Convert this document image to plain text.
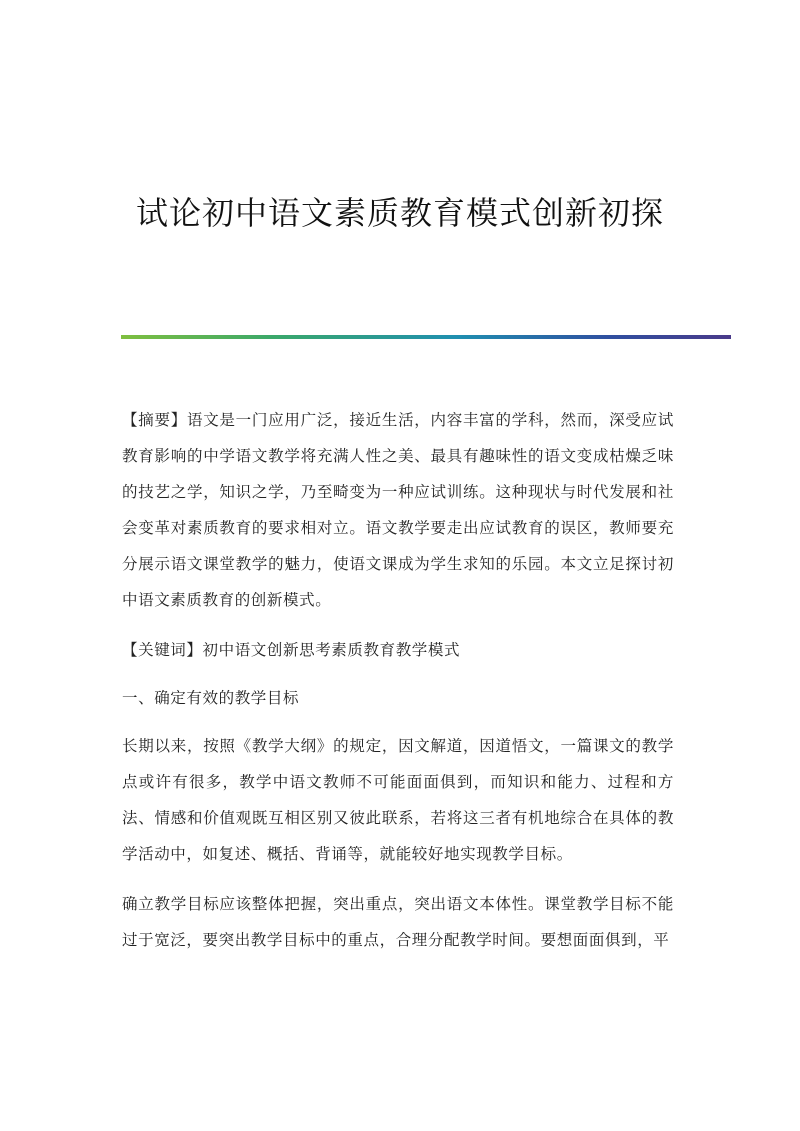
试论初中语文素质教育模式创新初探

【摘要】语文是一门应用广泛，接近生活，内容丰富的学科，然而，深受应试教育影响的中学语文教学将充满人性之美、最具有趣味性的语文变成枯燥乏味的技艺之学，知识之学，乃至畸变为一种应试训练。这种现状与时代发展和社会变革对素质教育的要求相对立。语文教学要走出应试教育的误区，教师要充分展示语文课堂教学的魅力，使语文课成为学生求知的乐园。本文立足探讨初中语文素质教育的创新模式。

【关键词】初中语文创新思考素质教育教学模式

一、确定有效的教学目标

长期以来，按照《教学大纲》的规定，因文解道，因道悟文，一篇课文的教学点或许有很多，教学中语文教师不可能面面俱到，而知识和能力、过程和方法、情感和价值观既互相区别又彼此联系，若将这三者有机地综合在具体的教学活动中，如复述、概括、背诵等，就能较好地实现教学目标。

确立教学目标应该整体把握，突出重点，突出语文本体性。课堂教学目标不能过于宽泛，要突出教学目标中的重点，合理分配教学时间。要想面面俱到，平
